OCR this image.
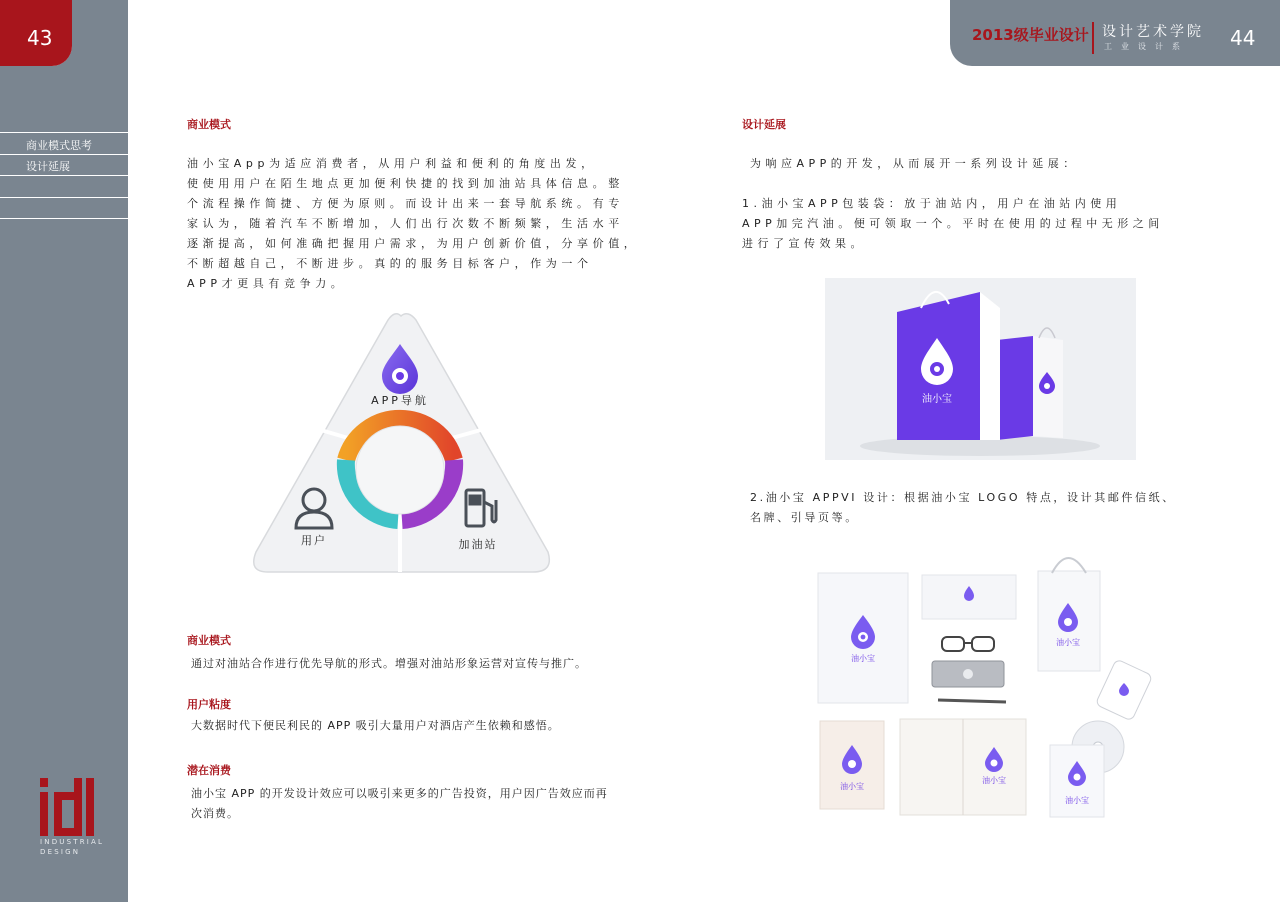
43
商业模式思考
设计延展
INDUSTRIAL
DESIGN
2013级毕业设计 设计艺术学院
工业设计系 44
商业模式
油小宝App为适应消费者，从用户利益和便利的角度出发，
使使用用户在陌生地点更加便利快捷的找到加油站具体信息。整
个流程操作简捷、方便为原则。而设计出来一套导航系统。有专
家认为，随着汽车不断增加，人们出行次数不断频繁，生活水平
逐渐提高，如何准确把握用户需求，为用户创新价值，分享价值，
不断超越自己，不断进步。真的的服务目标客户，作为一个
APP才更具有竞争力。
APP导航
用户	加油站
商业模式
通过对油站合作进行优先导航的形式。增强对油站形象运营对宣传与推广。
用户粘度
大数据时代下便民利民的 APP 吸引大量用户对酒店产生依赖和感悟。
潜在消费
油小宝 APP 的开发设计效应可以吸引来更多的广告投资，用户因广告效应而再
次消费。
设计延展
为响应APP的开发，从而展开一系列设计延展：
1.油小宝APP包装袋：放于油站内，用户在油站内使用
APP加完汽油。便可领取一个。平时在使用的过程中无形之间
进行了宣传效果。
油小宝
2.油小宝 APPVI 设计：根据油小宝 LOGO 特点，设计其邮件信纸、
名牌、引导页等。
油小宝
油小宝
油小宝
油小宝
油小宝
